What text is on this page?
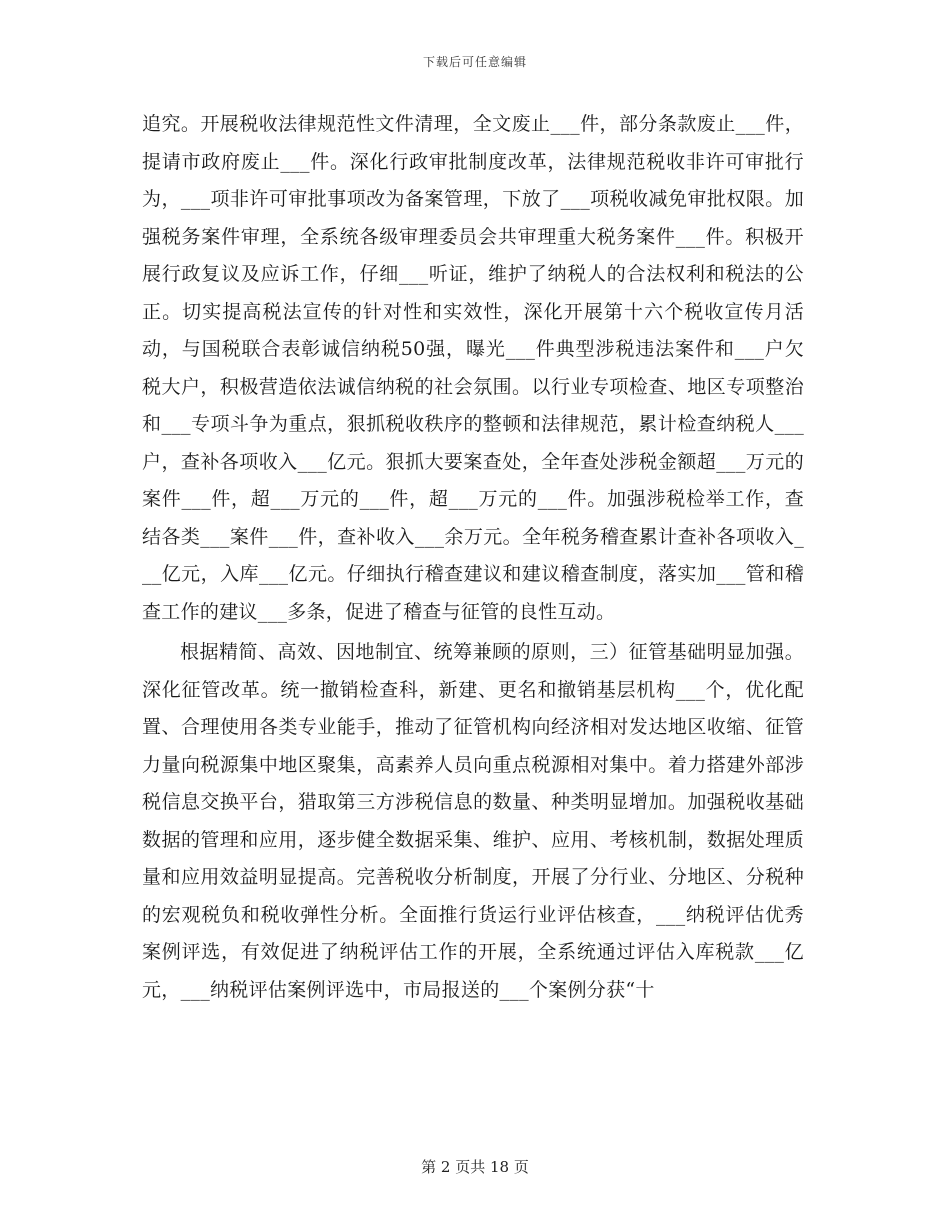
下载后可任意编辑

追究。开展税收法律规范性文件清理，全文废止___件，部分条款废止___件，提请市政府废止___件。深化行政审批制度改革，法律规范税收非许可审批行为，___项非许可审批事项改为备案管理，下放了___项税收减免审批权限。加强税务案件审理，全系统各级审理委员会共审理重大税务案件___件。积极开展行政复议及应诉工作，仔细___听证，维护了纳税人的合法权利和税法的公正。切实提高税法宣传的针对性和实效性，深化开展第十六个税收宣传月活动，与国税联合表彰诚信纳税50强，曝光___件典型涉税违法案件和___户欠税大户，积极营造依法诚信纳税的社会氛围。以行业专项检查、地区专项整治和___专项斗争为重点，狠抓税收秩序的整顿和法律规范，累计检查纳税人___户，查补各项收入___亿元。狠抓大要案查处，全年查处涉税金额超___万元的案件___件，超___万元的___件，超___万元的___件。加强涉税检举工作，查结各类___案件___件，查补收入___余万元。全年税务稽查累计查补各项收入___亿元，入库___亿元。仔细执行稽查建议和建议稽查制度，落实加___管和稽查工作的建议___多条，促进了稽查与征管的良性互动。

根据精简、高效、因地制宜、统筹兼顾的原则，三）征管基础明显加强。深化征管改革。统一撤销检查科，新建、更名和撤销基层机构___个，优化配置、合理使用各类专业能手，推动了征管机构向经济相对发达地区收缩、征管力量向税源集中地区聚集，高素养人员向重点税源相对集中。着力搭建外部涉税信息交换平台，猎取第三方涉税信息的数量、种类明显增加。加强税收基础数据的管理和应用，逐步健全数据采集、维护、应用、考核机制，数据处理质量和应用效益明显提高。完善税收分析制度，开展了分行业、分地区、分税种的宏观税负和税收弹性分析。全面推行货运行业评估核查，___纳税评估优秀案例评选，有效促进了纳税评估工作的开展，全系统通过评估入库税款___亿元，___纳税评估案例评选中，市局报送的___个案例分获“十

第 2 页共 18 页
